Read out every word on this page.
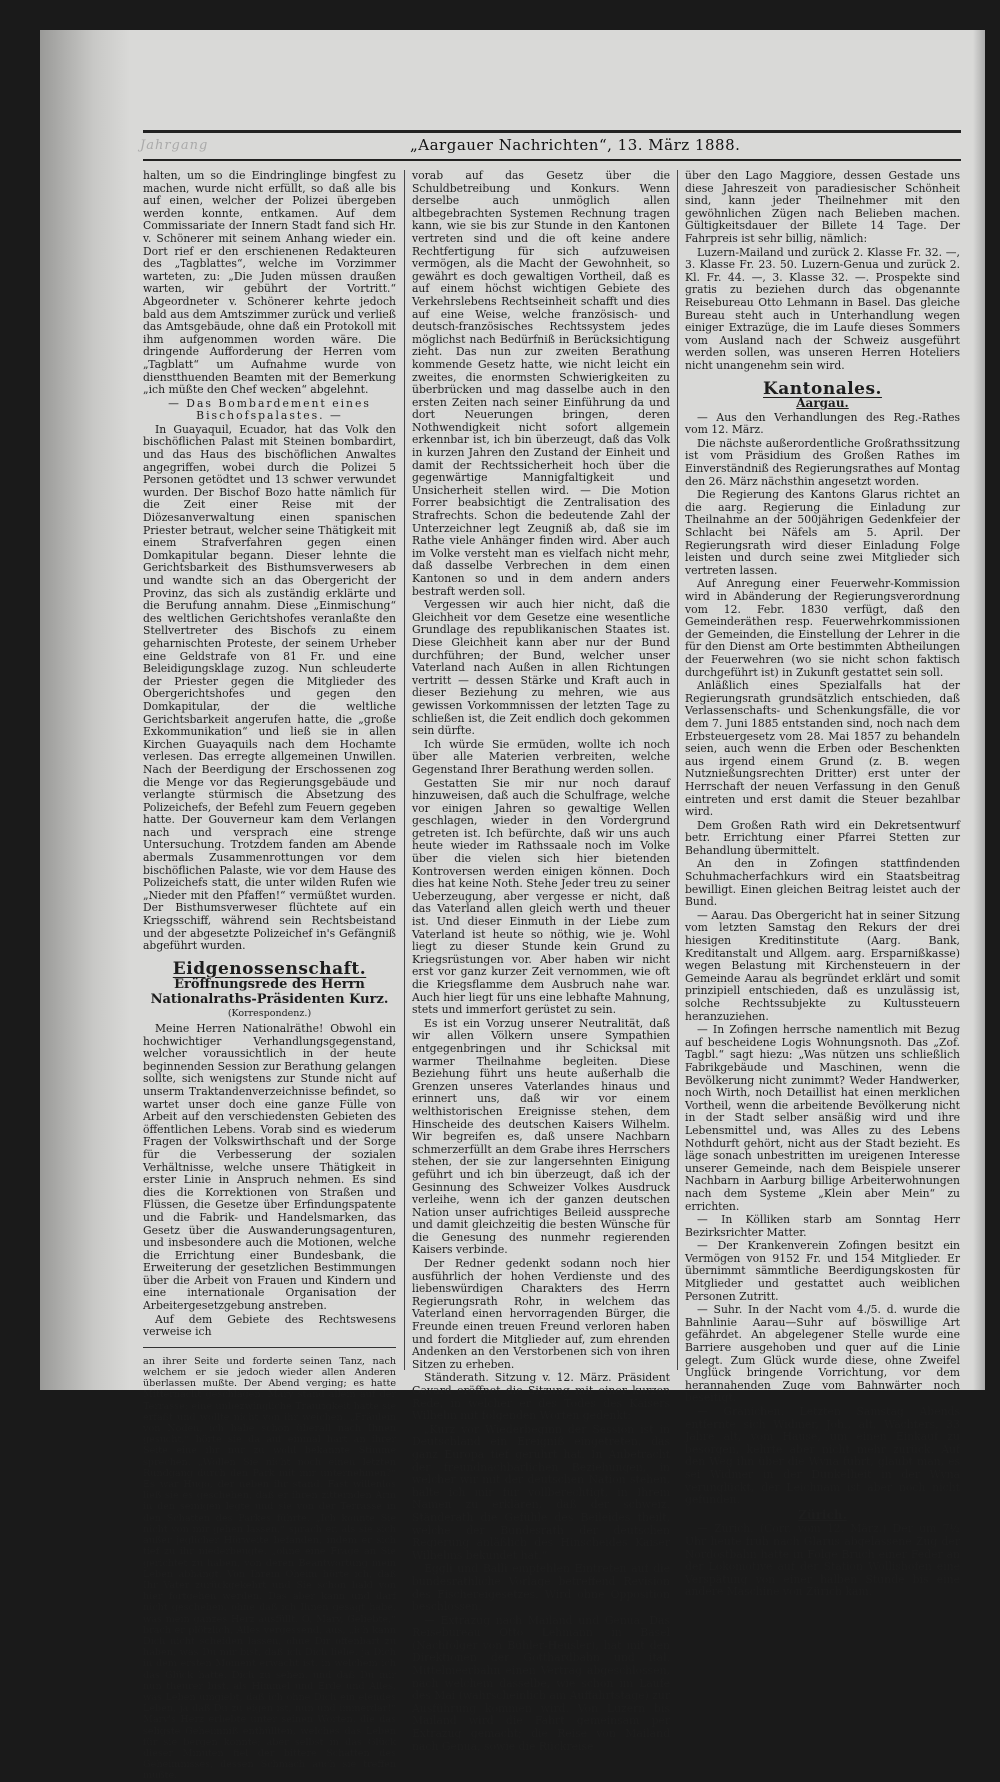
Jahrgang	„Aargauer Nachrichten“, 13. März 1888.

halten, um so die Eindringlinge bingfest zu machen, wurde nicht erfüllt, so daß alle bis auf einen, welcher der Polizei übergeben werden konnte, entkamen. Auf dem Commissariate der Innern Stadt fand sich Hr. v. Schönerer mit seinem Anhang wieder ein. Dort rief er den erschienenen Redakteuren des „Tagblattes“, welche im Vorzimmer warteten, zu: „Die Juden müssen draußen warten, wir gebührt der Vortritt.“ Abgeordneter v. Schönerer kehrte jedoch bald aus dem Amtszimmer zurück und verließ das Amtsgebäude, ohne daß ein Protokoll mit ihm aufgenommen worden wäre. Die dringende Aufforderung der Herren vom „Tagblatt“ um Aufnahme wurde von dienstthuenden Beamten mit der Bemerkung „ich müßte den Chef wecken“ abgelehnt.

— Das Bombardement eines Bischofspalastes. —

In Guayaquil, Ecuador, hat das Volk den bischöflichen Palast mit Steinen bombardirt, und das Haus des bischöflichen Anwaltes angegriffen, wobei durch die Polizei 5 Personen getödtet und 13 schwer verwundet wurden. Der Bischof Bozo hatte nämlich für die Zeit einer Reise mit der Diözesanverwaltung einen spanischen Priester betraut, welcher seine Thätigkeit mit einem Strafverfahren gegen einen Domkapitular begann. Dieser lehnte die Gerichtsbarkeit des Bisthumsverwesers ab und wandte sich an das Obergericht der Provinz, das sich als zuständig erklärte und die Berufung annahm. Diese „Einmischung“ des weltlichen Gerichtshofes veranlaßte den Stellvertreter des Bischofs zu einem geharnischten Proteste, der seinem Urheber eine Geldstrafe von 81 Fr. und eine Beleidigungsklage zuzog. Nun schleuderte der Priester gegen die Mitglieder des Obergerichtshofes und gegen den Domkapitular, der die weltliche Gerichtsbarkeit angerufen hatte, die „große Exkommunikation“ und ließ sie in allen Kirchen Guayaquils nach dem Hochamte verlesen. Das erregte allgemeinen Unwillen. Nach der Beerdigung der Erschossenen zog die Menge vor das Regierungsgebäude und verlangte stürmisch die Absetzung des Polizeichefs, der Befehl zum Feuern gegeben hatte. Der Gouverneur kam dem Verlangen nach und versprach eine strenge Untersuchung. Trotzdem fanden am Abende abermals Zusammenrottungen vor dem bischöflichen Palaste, wie vor dem Hause des Polizeichefs statt, die unter wilden Rufen wie „Nieder mit den Pfaffen!“ vermüßtet wurden. Der Bisthumsverweser flüchtete auf ein Kriegsschiff, während sein Rechtsbeistand und der abgesetzte Polizeichef in's Gefängniß abgeführt wurden.

Eidgenossenschaft.
Eröffnungsrede des Herrn Nationalraths-Präsidenten Kurz.
(Korrespondenz.)

Meine Herren Nationalräthe! Obwohl ein hochwichtiger Verhandlungsgegenstand, welcher voraussichtlich in der heute beginnenden Session zur Berathung gelangen sollte, sich wenigstens zur Stunde nicht auf unserm Traktandenverzeichnisse befindet, so wartet unser doch eine ganze Fülle von Arbeit auf den verschiedensten Gebieten des öffentlichen Lebens. Vorab sind es wiederum Fragen der Volkswirthschaft und der Sorge für die Verbesserung der sozialen Verhältnisse, welche unsere Thätigkeit in erster Linie in Anspruch nehmen. Es sind dies die Korrektionen von Straßen und Flüssen, die Gesetze über Erfindungspatente und die Fabrik- und Handelsmarken, das Gesetz über die Auswanderungsagenturen, und insbesondere auch die Motionen, welche die Errichtung einer Bundesbank, die Erweiterung der gesetzlichen Bestimmungen über die Arbeit von Frauen und Kindern und eine internationale Organisation der Arbeitergesetzgebung anstreben.

Auf dem Gebiete des Rechtswesens verweise ich

an ihrer Seite und forderte seinen Tanz, nach welchem er sie jedoch wieder allen Anderen überlassen mußte. Der Abend verging; es hatte Mitternacht geschlagen. Mary stand allein auf der Terrasse; eine unbezwingliche Traurigkeit hatte sie erfaßt und wollte nicht von ihr weichen. „Fräulein von Noden, ich habe schon überall nach Ihnen gesucht,“ hörte sie da auf einmal hart an ihrer Seite eine ihr nur zu wohl bekannte Stimme sprechen. „Wollen Sie nicht noch einen letzten Rundgang durch den Park mit mir unternehmen?“ Es war Hugo, der neben ihr stand. Fast willenlos ließ sie es geschehen, daß er ihren zitternden Arm in den seinigen legte und sie von der Terrasse in den Schatten des Parkes führte. „Ich konnte Sie nicht von mir gehen lassen,“ sprach er, als sie sich außer jeglicher Hörweite befanden, indem er sich tief zu ihr niederbeugte, „ohne eine Frage an Sie gerichtet zu haben, von deren Beantwortung mein Leben abhängt. Von Ihrem Oheim hörte ich, daß Ihr Vater zurückgekehrt und Sie schon bald von hier fortgehen werden. Das aber kann und darf nicht geschehen, ohne daß ich Ihnen gesagt habe, was mein ganzes Herz ausfüllt. O, Mary, Geliebte,“ brach er plötzlich, Alles vergessend, aus, „ich kann Dich nicht scheiden lassen, ohne Dir offenbart zu haben, was Du mir bist, daß ich Dich liebe, ja Dich in dem ersten Moment erwacht ist, in welchem ich das Glück hatte, Dich zu sehen, und daß Du mir nun theurer bist, als Himmel und Erde und Alles, was Leben umgiebt, daß ich ohne Dich ein elendes Leben, ja daß Du zu eigen ist, nun und immerdar!“ Mary's Herz erbebte unter seinen Worten, die das seligste Geheimniß enthüllten, welches das Leben für sie bergen konnte; aber selbst in das Glück dieser Minuten fiel der bittere Schatten des Geheimnisses, dessen Schmach auch sie treffen mußte.

vorab auf das Gesetz über die Schuldbetreibung und Konkurs. Wenn derselbe auch unmöglich allen altbegebrachten Systemen Rechnung tragen kann, wie sie bis zur Stunde in den Kantonen vertreten sind und die oft keine andere Rechtfertigung für sich aufzuweisen vermögen, als die Macht der Gewohnheit, so gewährt es doch gewaltigen Vortheil, daß es auf einem höchst wichtigen Gebiete des Verkehrslebens Rechtseinheit schafft und dies auf eine Weise, welche französisch- und deutsch-französisches Rechtssystem jedes möglichst nach Bedürfniß in Berücksichtigung zieht. Das nun zur zweiten Berathung kommende Gesetz hatte, wie nicht leicht ein zweites, die enormsten Schwierigkeiten zu überbrücken und mag dasselbe auch in den ersten Zeiten nach seiner Einführung da und dort Neuerungen bringen, deren Nothwendigkeit nicht sofort allgemein erkennbar ist, ich bin überzeugt, daß das Volk in kurzen Jahren den Zustand der Einheit und damit der Rechtssicherheit hoch über die gegenwärtige Mannigfaltigkeit und Unsicherheit stellen wird. — Die Motion Forrer beabsichtigt die Zentralisation des Strafrechts. Schon die bedeutende Zahl der Unterzeichner legt Zeugniß ab, daß sie im Rathe viele Anhänger finden wird. Aber auch im Volke versteht man es vielfach nicht mehr, daß dasselbe Verbrechen in dem einen Kantonen so und in dem andern anders bestraft werden soll.

Vergessen wir auch hier nicht, daß die Gleichheit vor dem Gesetze eine wesentliche Grundlage des republikanischen Staates ist. Diese Gleichheit kann aber nur der Bund durchführen; der Bund, welcher unser Vaterland nach Außen in allen Richtungen vertritt — dessen Stärke und Kraft auch in dieser Beziehung zu mehren, wie aus gewissen Vorkommnissen der letzten Tage zu schließen ist, die Zeit endlich doch gekommen sein dürfte.

Ich würde Sie ermüden, wollte ich noch über alle Materien verbreiten, welche Gegenstand Ihrer Berathung werden sollen.

Gestatten Sie mir nur noch darauf hinzuweisen, daß auch die Schulfrage, welche vor einigen Jahren so gewaltige Wellen geschlagen, wieder in den Vordergrund getreten ist. Ich befürchte, daß wir uns auch heute wieder im Rathssaale noch im Volke über die vielen sich hier bietenden Kontroversen werden einigen können. Doch dies hat keine Noth. Stehe Jeder treu zu seiner Ueberzeugung, aber vergesse er nicht, daß das Vaterland allen gleich werth und theuer ist. Und dieser Einmuth in der Liebe zum Vaterland ist heute so nöthig, wie je. Wohl liegt zu dieser Stunde kein Grund zu Kriegsrüstungen vor. Aber haben wir nicht erst vor ganz kurzer Zeit vernommen, wie oft die Kriegsflamme dem Ausbruch nahe war. Auch hier liegt für uns eine lebhafte Mahnung, stets und immerfort gerüstet zu sein.

Es ist ein Vorzug unserer Neutralität, daß wir allen Völkern unsere Sympathien entgegenbringen und ihr Schicksal mit warmer Theilnahme begleiten. Diese Beziehung führt uns heute außerhalb die Grenzen unseres Vaterlandes hinaus und erinnert uns, daß wir vor einem welthistorischen Ereignisse stehen, dem Hinscheide des deutschen Kaisers Wilhelm. Wir begreifen es, daß unsere Nachbarn schmerzerfüllt an dem Grabe ihres Herrschers stehen, der sie zur langersehnten Einigung geführt und ich bin überzeugt, daß ich der Gesinnung des Schweizer Volkes Ausdruck verleihe, wenn ich der ganzen deutschen Nation unser aufrichtiges Beileid ausspreche und damit gleichzeitig die besten Wünsche für die Genesung des nunmehr regierenden Kaisers verbinde.

Der Redner gedenkt sodann noch hier ausführlich der hohen Verdienste und des liebenswürdigen Charakters des Herrn Regierungsrath Rohr, in welchem das Vaterland einen hervorragenden Bürger, die Freunde einen treuen Freund verloren haben und fordert die Mitglieder auf, zum ehrenden Andenken an den Verstorbenen sich von ihren Sitzen zu erheben.

Ständerath. Sitzung v. 12. März. Präsident Gavard eröffnet die Sitzung mit einer kurzen Rede, in welcher er des Todes des Kaisers Wilhelm mit folgenden Worten gedenkt:

„Kurz vor Wiederbeginn der Session ist in Deutschland ein Ereigniß eingetreten, das ganz Europa tief gerührt hat. In Anbetracht der freundnachbarlichen Beziehungen, in welcher wir mit der deutschen Nation stehen, halte ich mir für vollberechtigt, in Ihrem Namen zu erklären, daß der schweiz. Ständerath die Gefühle des Beileides theilt, welche der Bundesrath der deutschen Regierung anläßlich des Hinscheides Kaiser Wilhelms bekundet hat.“

Eggli und Balli empfehlen Eintreten auf die bundesräthliche Vorlage betreffend Revision des Fischereigesetzes. Wird ohne Opposition beschlossen.

— Extrazug nach Mailand und Genua. Das Reisebureau Otto Lehmann in Basel (Nachfolger von Bühler-Heusler), hat mit den Direktionen der Gotthardbahn und ital. Mittelmeerbahn einen Vertrag abgeschlossen, nach welchem dasselbe, wie schon im Laufe des Mai (wahrscheinlich am Auffahrtstage) zur Ausführung kommen wird. Von Luzern bis Mailand wird die Fahrt gemeinsam per Extrazug gemacht; die Reise von Mailand nach Genua, sowie die Rückreise

über den Lago Maggiore, dessen Gestade uns diese Jahreszeit von paradiesischer Schönheit sind, kann jeder Theilnehmer mit den gewöhnlichen Zügen nach Belieben machen. Gültigkeitsdauer der Billete 14 Tage. Der Fahrpreis ist sehr billig, nämlich:

Luzern-Mailand und zurück 2. Klasse Fr. 32. —, 3. Klasse Fr. 23. 50. Luzern-Genua und zurück 2. Kl. Fr. 44. —, 3. Klasse 32. —. Prospekte sind gratis zu beziehen durch das obgenannte Reisebureau Otto Lehmann in Basel. Das gleiche Bureau steht auch in Unterhandlung wegen einiger Extrazüge, die im Laufe dieses Sommers vom Ausland nach der Schweiz ausgeführt werden sollen, was unseren Herren Hoteliers nicht unangenehm sein wird.

Kantonales.
Aargau.

— Aus den Verhandlungen des Reg.-Rathes vom 12. März.

Die nächste außerordentliche Großrathssitzung ist vom Präsidium des Großen Rathes im Einverständniß des Regierungsrathes auf Montag den 26. März nächsthin angesetzt worden.

Die Regierung des Kantons Glarus richtet an die aarg. Regierung die Einladung zur Theilnahme an der 500jährigen Gedenkfeier der Schlacht bei Näfels am 5. April. Der Regierungsrath wird dieser Einladung Folge leisten und durch seine zwei Mitglieder sich vertreten lassen.

Auf Anregung einer Feuerwehr-Kommission wird in Abänderung der Regierungsverordnung vom 12. Febr. 1830 verfügt, daß den Gemeinderäthen resp. Feuerwehrkommissionen der Gemeinden, die Einstellung der Lehrer in die für den Dienst am Orte bestimmten Abtheilungen der Feuerwehren (wo sie nicht schon faktisch durchgeführt ist) in Zukunft gestattet sein soll.

Anläßlich eines Spezialfalls hat der Regierungsrath grundsätzlich entschieden, daß Verlassenschafts- und Schenkungsfälle, die vor dem 7. Juni 1885 entstanden sind, noch nach dem Erbsteuergesetz vom 28. Mai 1857 zu behandeln seien, auch wenn die Erben oder Beschenkten aus irgend einem Grund (z. B. wegen Nutznießungsrechten Dritter) erst unter der Herrschaft der neuen Verfassung in den Genuß eintreten und erst damit die Steuer bezahlbar wird.

Dem Großen Rath wird ein Dekretsentwurf betr. Errichtung einer Pfarrei Stetten zur Behandlung übermittelt.

An den in Zofingen stattfindenden Schuhmacherfachkurs wird ein Staatsbeitrag bewilligt. Einen gleichen Beitrag leistet auch der Bund.

— Aarau. Das Obergericht hat in seiner Sitzung vom letzten Samstag den Rekurs der drei hiesigen Kreditinstitute (Aarg. Bank, Kreditanstalt und Allgem. aarg. Ersparnißkasse) wegen Belastung mit Kirchensteuern in der Gemeinde Aarau als begründet erklärt und somit prinzipiell entschieden, daß es unzulässig ist, solche Rechtssubjekte zu Kultussteuern heranzuziehen.

— In Zofingen herrsche namentlich mit Bezug auf bescheidene Logis Wohnungsnoth. Das „Zof. Tagbl.“ sagt hiezu: „Was nützen uns schließlich Fabrikgebäude und Maschinen, wenn die Bevölkerung nicht zunimmt? Weder Handwerker, noch Wirth, noch Detaillist hat einen merklichen Vortheil, wenn die arbeitende Bevölkerung nicht in der Stadt selber ansäßig wird und ihre Lebensmittel und, was Alles zu des Lebens Nothdurft gehört, nicht aus der Stadt bezieht. Es läge sonach unbestritten im ureigenen Interesse unserer Gemeinde, nach dem Beispiele unserer Nachbarn in Aarburg billige Arbeiterwohnungen nach dem Systeme „Klein aber Mein“ zu errichten.

— In Kölliken starb am Sonntag Herr Bezirksrichter Matter.

— Der Krankenverein Zofingen besitzt ein Vermögen von 9152 Fr. und 154 Mitglieder. Er übernimmt sämmtliche Beerdigungskosten für Mitglieder und gestattet auch weiblichen Personen Zutritt.

— Suhr. In der Nacht vom 4./5. d. wurde die Bahnlinie Aarau—Suhr auf böswillige Art gefährdet. An abgelegener Stelle wurde eine Barriere ausgehoben und quer auf die Linie gelegt. Zum Glück wurde diese, ohne Zweifel Unglück bringende Vorrichtung, vor dem herannahenden Zuge vom Bahnwärter noch beseitigt.

— Gränichen. Letzten Samstag Abends entfernte sich Widmer, Joh., alt, Wächters, 33 Jahre alt, vom Hause, um einen Einkauf zu besorgen, kehrte aber nicht mehr zurück. Auf den Weg ihn über die Wyna führt, glaubt man, es sei Widmer in der Dunkelheit in der Wyna verunglückt, der Leichnam ist aber noch nicht gefunden.

Zürich.

— Zürich. (Corr. vom 12. März.) Der um 7½ Uhr heute früh nach Glarus abgelassene Zug der Nordostbahn hatte in Folge Bruch einer Feder an der Lokomotive auf der Station Wollishofen eine Verspätung von einer halben Stunde bis eine andere Maschine von Zürich kam.
